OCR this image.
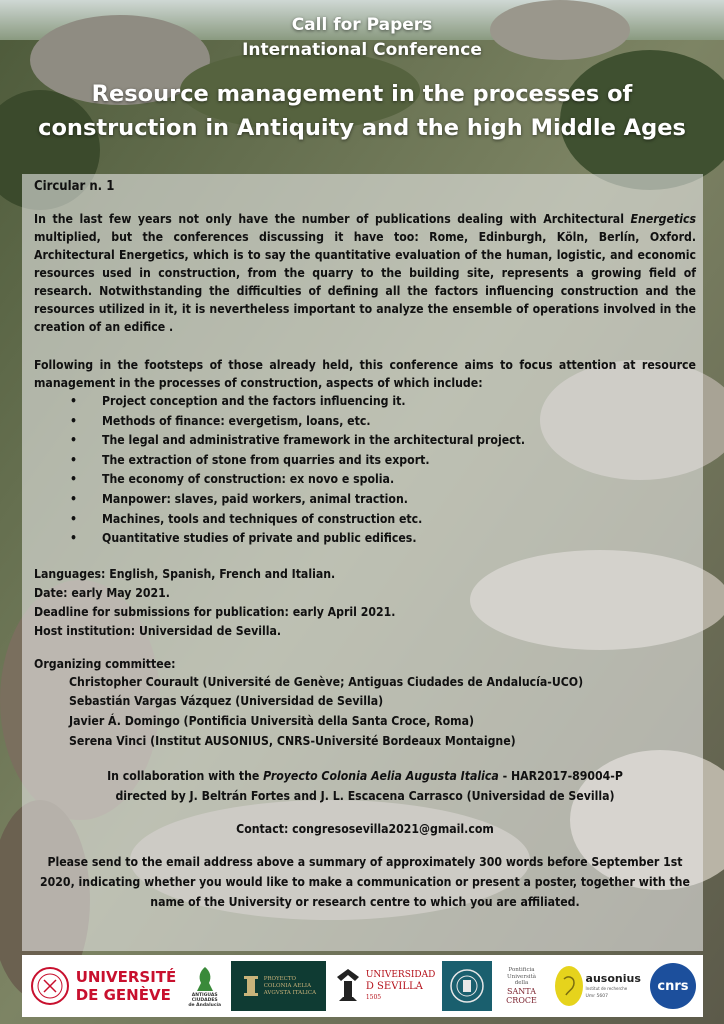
Call for Papers
International Conference
Resource management in the processes of
construction in Antiquity and the high Middle Ages
Circular n. 1

In the last few years not only have the number of publications dealing with Architectural Energetics multiplied, but the conferences discussing it have too: Rome, Edinburgh, Köln, Berlín, Oxford. Architectural Energetics, which is to say the quantitative evaluation of the human, logistic, and economic resources used in construction, from the quarry to the building site, represents a growing field of research. Notwithstanding the difficulties of defining all the factors influencing construction and the resources utilized in it, it is nevertheless important to analyze the ensemble of operations involved in the creation of an edifice .

Following in the footsteps of those already held, this conference aims to focus attention at resource management in the processes of construction, aspects of which include:

• Project conception and the factors influencing it.
• Methods of finance: evergetism, loans, etc.
• The legal and administrative framework in the architectural project.
• The extraction of stone from quarries and its export.
• The economy of construction: ex novo e spolia.
• Manpower: slaves, paid workers, animal traction.
• Machines, tools and techniques of construction etc.
• Quantitative studies of private and public edifices.
Languages: English, Spanish, French and Italian.
Date: early May 2021.
Deadline for submissions for publication: early April 2021.
Host institution: Universidad de Sevilla.
Organizing committee:
Christopher Courault (Université de Genève; Antiguas Ciudades de Andalucía-UCO)
Sebastián Vargas Vázquez (Universidad de Sevilla)
Javier Á. Domingo (Pontificia Università della Santa Croce, Roma)
Serena Vinci (Institut AUSONIUS, CNRS-Université Bordeaux Montaigne)
In collaboration with the Proyecto Colonia Aelia Augusta Italica - HAR2017-89004-P
directed by J. Beltrán Fortes and J. L. Escacena Carrasco (Universidad de Sevilla)
Contact: congresosevilla2021@gmail.com
Please send to the email address above a summary of approximately 300 words before September 1st 2020, indicating whether you would like to make a communication or present a poster, together with the name of the University or research centre to which you are affiliated.
UNIVERSITÉ
DE GENÈVE	ANTIGUAS
CIUDADES
de Andalucía
PROYECTO
COLONIA AELIA
AVGVSTA ITALICA
UNIVERSIDAD
D SEVILLA
1505
Pontificia
Università
della
SANTA
CROCE
ausonius
Institut de recherche
Umr 5607
cnrs
